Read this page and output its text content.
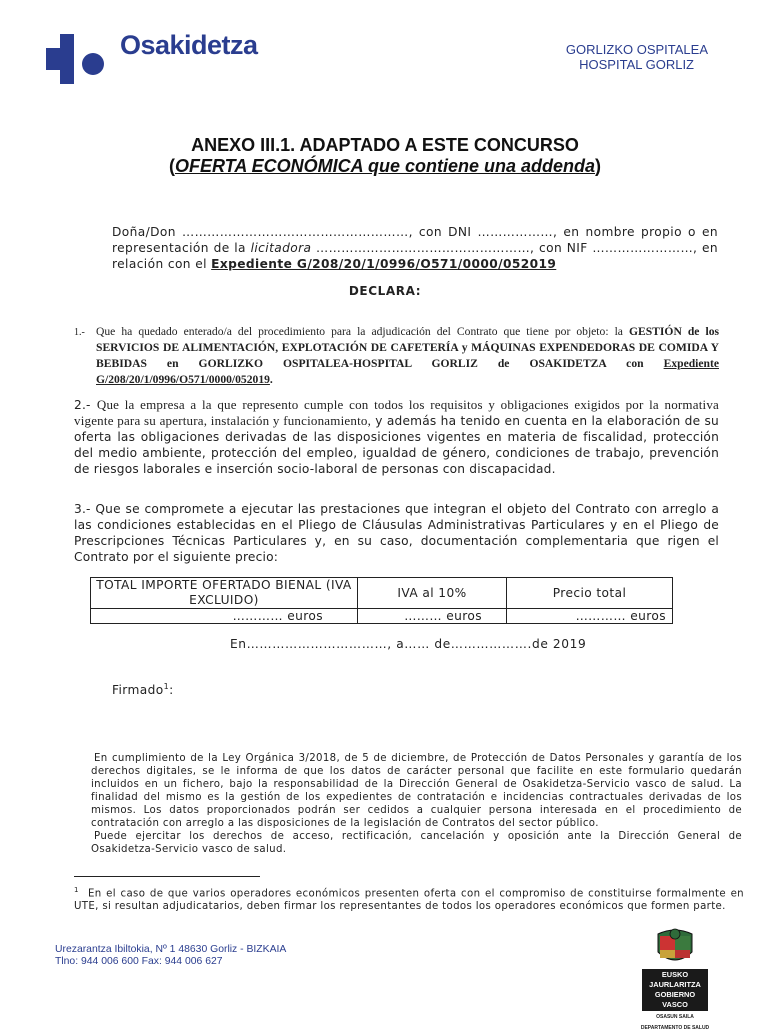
Osakidetza	GORLIZKO OSPITALEA
HOSPITAL GORLIZ
ANEXO III.1. ADAPTADO A ESTE CONCURSO
(OFERTA ECONÓMICA que contiene una addenda)
Doña/Don ………………………………………………, con DNI ………………, en nombre propio o en representación de la licitadora ……………………………………………, con NIF ……………………, en relación con el Expediente G/208/20/1/0996/O571/0000/052019
DECLARA:
1.- Que ha quedado enterado/a del procedimiento para la adjudicación del Contrato que tiene por objeto: la GESTIÓN de los SERVICIOS DE ALIMENTACIÓN, EXPLOTACIÓN DE CAFETERÍA y MÁQUINAS EXPENDEDORAS DE COMIDA Y BEBIDAS en GORLIZKO OSPITALEA-HOSPITAL GORLIZ de OSAKIDETZA con Expediente G/208/20/1/0996/O571/0000/052019.
2.- Que la empresa a la que represento cumple con todos los requisitos y obligaciones exigidos por la normativa vigente para su apertura, instalación y funcionamiento, y además ha tenido en cuenta en la elaboración de su oferta las obligaciones derivadas de las disposiciones vigentes en materia de fiscalidad, protección del medio ambiente, protección del empleo, igualdad de género, condiciones de trabajo, prevención de riesgos laborales e inserción socio-laboral de personas con discapacidad.
3.- Que se compromete a ejecutar las prestaciones que integran el objeto del Contrato con arreglo a las condiciones establecidas en el Pliego de Cláusulas Administrativas Particulares y en el Pliego de Prescripciones Técnicas Particulares y, en su caso, documentación complementaria que rigen el Contrato por el siguiente precio:
TOTAL IMPORTE OFERTADO BIENAL (IVA EXCLUIDO)	IVA al 10%	Precio total
………… euros	……… euros	………… euros
En……………………………, a…… de……………….de 2019
Firmado$^1$:
En cumplimiento de la Ley Orgánica 3/2018, de 5 de diciembre, de Protección de Datos Personales y garantía de los derechos digitales, se le informa de que los datos de carácter personal que facilite en este formulario quedarán incluidos en un fichero, bajo la responsabilidad de la Dirección General de Osakidetza-Servicio vasco de salud. La finalidad del mismo es la gestión de los expedientes de contratación e incidencias contractuales derivadas de los mismos. Los datos proporcionados podrán ser cedidos a cualquier persona interesada en el procedimiento de contratación con arreglo a las disposiciones de la legislación de Contratos del sector público.
Puede ejercitar los derechos de acceso, rectificación, cancelación y oposición ante la Dirección General de Osakidetza-Servicio vasco de salud.
$^1$ En el caso de que varios operadores económicos presenten oferta con el compromiso de constituirse formalmente en UTE, si resultan adjudicatarios, deben firmar los representantes de todos los operadores económicos que formen parte.
Urezarantza Ibiltokia, Nº 1 48630 Gorliz - BIZKAIA
Tlno: 944 006 600 Fax: 944 006 627
EUSKO JAURLARITZA
GOBIERNO VASCO
OSASUN SAILA
DEPARTAMENTO DE SALUD
